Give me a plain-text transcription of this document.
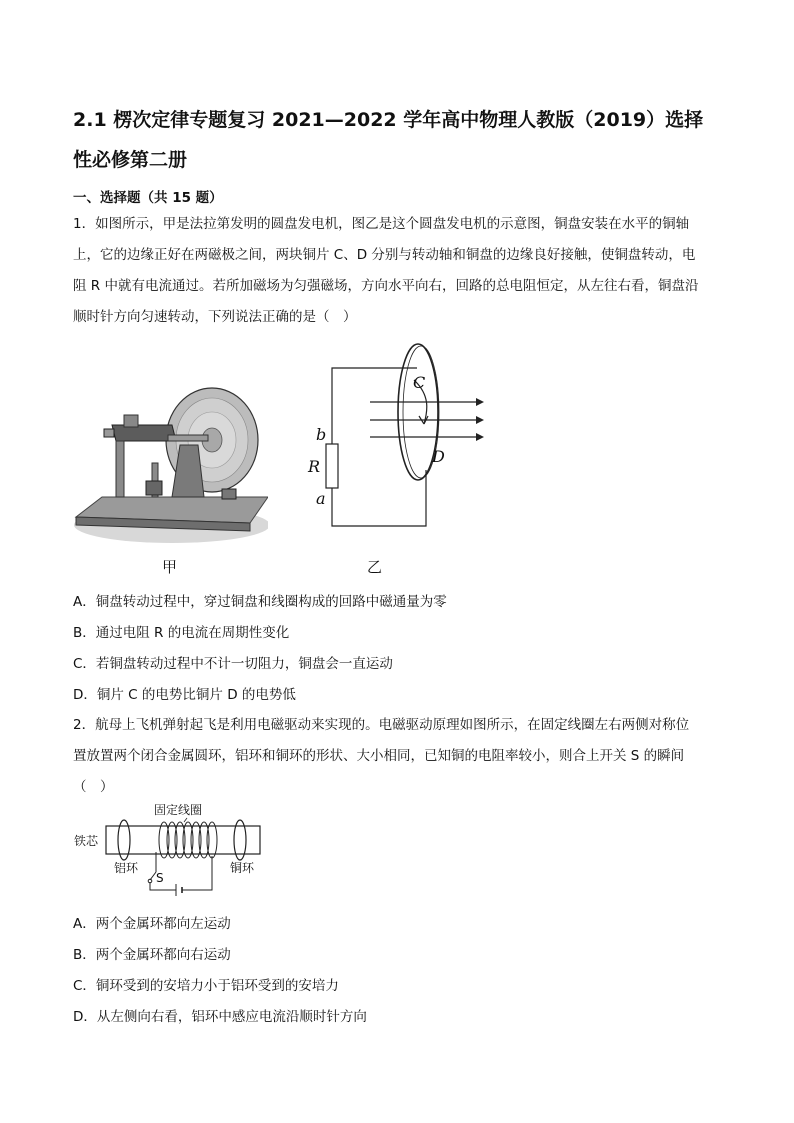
2.1 楞次定律专题复习 2021—2022 学年高中物理人教版（2019）选择
性必修第二册
一、选择题（共 15 题）
1．如图所示，甲是法拉第发明的圆盘发电机，图乙是这个圆盘发电机的示意图，铜盘安装在水平的铜轴
上，它的边缘正好在两磁极之间，两块铜片 C、D 分别与转动轴和铜盘的边缘良好接触，使铜盘转动，电
阻 R 中就有电流通过。若所加磁场为匀强磁场，方向水平向右，回路的总电阻恒定，从左往右看，铜盘沿
顺时针方向匀速转动，下列说法正确的是（　）
甲
C
D
b
R
a
乙
A．铜盘转动过程中，穿过铜盘和线圈构成的回路中磁通量为零
B．通过电阻 R 的电流在周期性变化
C．若铜盘转动过程中不计一切阻力，铜盘会一直运动
D．铜片 C 的电势比铜片 D 的电势低
2．航母上飞机弹射起飞是利用电磁驱动来实现的。电磁驱动原理如图所示，在固定线圈左右两侧对称位
置放置两个闭合金属圆环，铝环和铜环的形状、大小相同，已知铜的电阻率较小，则合上开关 S 的瞬间
（　）
固定线圈
铁芯
铝环	铜环
S
A．两个金属环都向左运动
B．两个金属环都向右运动
C．铜环受到的安培力小于铝环受到的安培力
D．从左侧向右看，铝环中感应电流沿顺时针方向
